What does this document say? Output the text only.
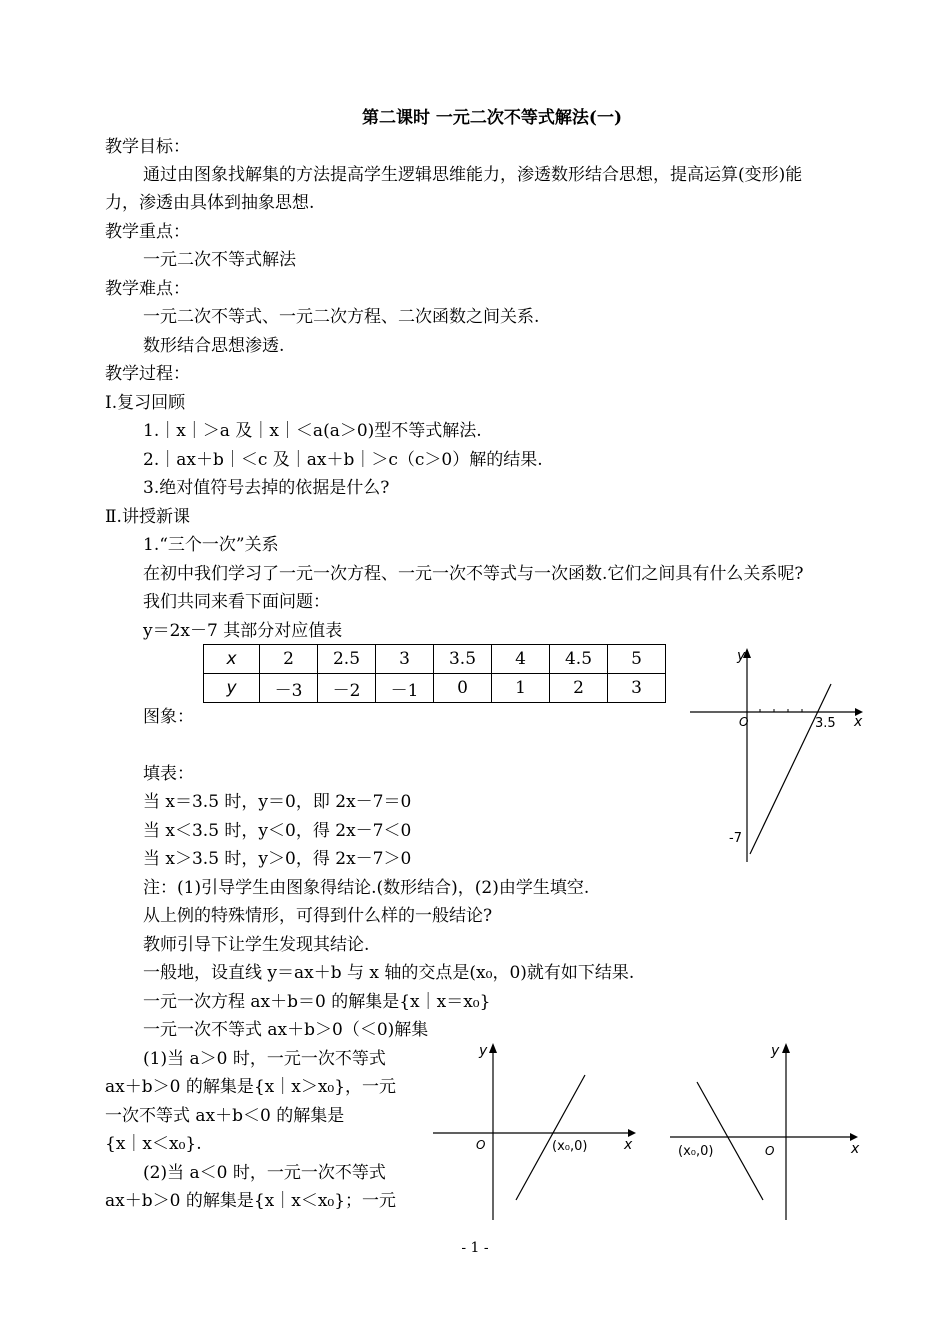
第二课时 一元二次不等式解法(一)
教学目标：
通过由图象找解集的方法提高学生逻辑思维能力，渗透数形结合思想，提高运算(变形)能
力，渗透由具体到抽象思想.
教学重点：
一元二次不等式解法
教学难点：
一元二次不等式、一元二次方程、二次函数之间关系.
数形结合思想渗透.
教学过程：
Ⅰ.复习回顾
1.｜x｜＞a 及｜x｜＜a(a＞0)型不等式解法.
2.｜ax＋b｜＜c 及｜ax＋b｜＞c（c＞0）解的结果.
3.绝对值符号去掉的依据是什么?
Ⅱ.讲授新课
1.“三个一次”关系
在初中我们学习了一元一次方程、一元一次不等式与一次函数.它们之间具有什么关系呢?
我们共同来看下面问题：
y＝2x－7 其部分对应值表
x	2	2.5	3	3.5	4	4.5	5
y	－3	－2	－1	0	1	2	3
图象：
填表：
当 x＝3.5 时，y＝0，即 2x－7＝0
当 x＜3.5 时，y＜0，得 2x－7＜0
当 x＞3.5 时，y＞0，得 2x－7＞0
注：(1)引导学生由图象得结论.(数形结合)，(2)由学生填空.
从上例的特殊情形，可得到什么样的一般结论?
教师引导下让学生发现其结论.
一般地，设直线 y＝ax＋b 与 x 轴的交点是(x₀，0)就有如下结果.
一元一次方程 ax＋b＝0 的解集是{x｜x＝x₀}
一元一次不等式 ax＋b＞0（＜0)解集
(1)当 a＞0 时，一元一次不等式
ax＋b＞0 的解集是{x｜x＞x₀}，一元
一次不等式 ax＋b＜0 的解集是
{x｜x＜x₀}.
(2)当 a＜0 时，一元一次不等式
ax＋b＞0 的解集是{x｜x＜x₀}；一元
y
x
O	3.5
-7
y
x
O	(x₀,0)
y
x
O
(x₀,0)
- 1 -
